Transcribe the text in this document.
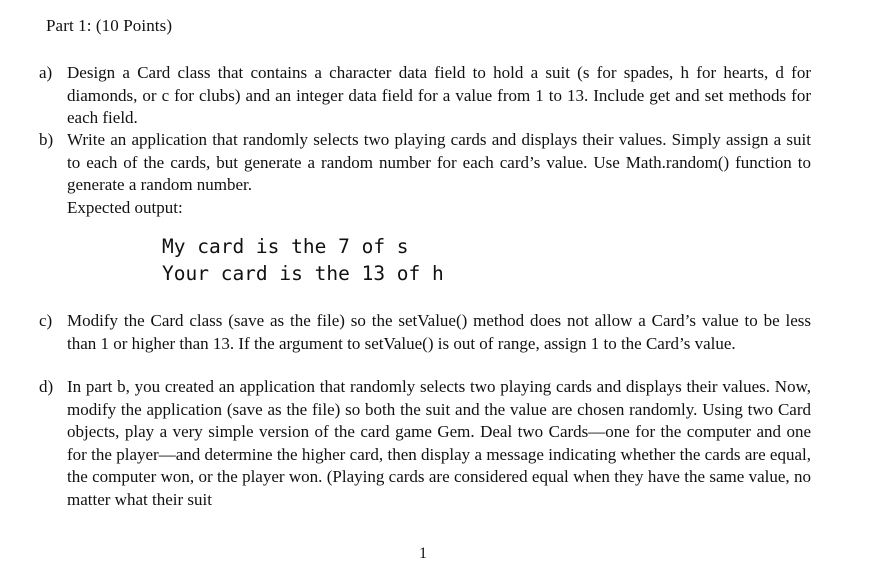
Part 1: (10 Points)
a) Design a Card class that contains a character data field to hold a suit (s for spades, h for hearts, d for diamonds, or c for clubs) and an integer data field for a value from 1 to 13. Include get and set methods for each field.

b) Write an application that randomly selects two playing cards and displays their values. Simply assign a suit to each of the cards, but generate a random number for each card’s value. Use Math.random() function to generate a random number.

Expected output:

My card is the 7 of s
Your card is the 13 of h
c) Modify the Card class (save as the file) so the setValue() method does not allow a Card’s value to be less than 1 or higher than 13. If the argument to setValue() is out of range, assign 1 to the Card’s value.

d) In part b, you created an application that randomly selects two playing cards and displays their values. Now, modify the application (save as the file) so both the suit and the value are chosen randomly. Using two Card objects, play a very simple version of the card game Gem. Deal two Cards—one for the computer and one for the player—and determine the higher card, then display a message indicating whether the cards are equal, the computer won, or the player won. (Playing cards are considered equal when they have the same value, no matter what their suit

1
